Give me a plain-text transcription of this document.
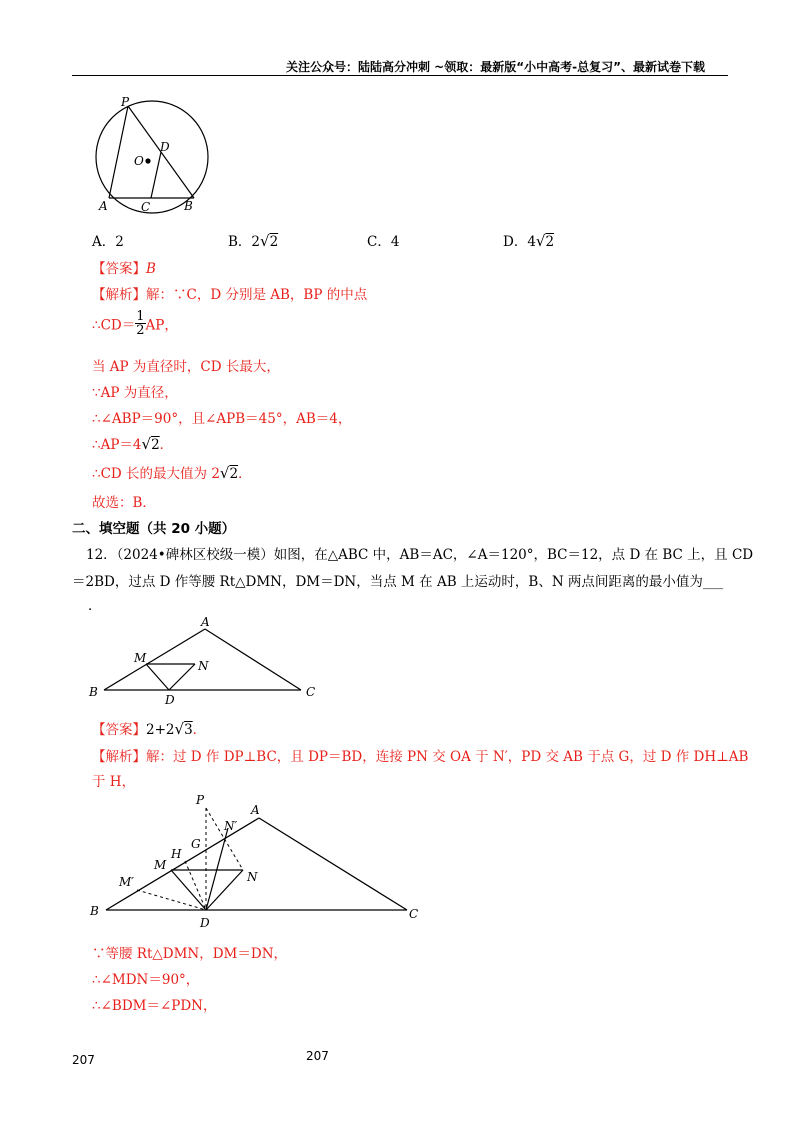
关注公众号：陆陆高分冲刺 ~领取：最新版“小中高考-总复习”、最新试卷下载
P
O
D
A	C	B
A．2	B．2√2	C．4	D．4√2
【答案】B
【解析】解：∵C，D 分别是 AB，BP 的中点
∴CD＝ $\frac{1}{2}$ AP，
当 AP 为直径时，CD 长最大，
∵AP 为直径，
∴∠ABP＝90°，且∠APB＝45°，AB＝4，
∴AP＝4√2．
∴CD 长的最大值为 2√2．
故选：B．
二、填空题（共 20 小题）
12．（2024•碑林区校级一模）如图，在△ABC 中，AB＝AC，∠A＝120°，BC＝12，点 D 在 BC 上，且 CD
＝2BD，过点 D 作等腰 Rt△DMN，DM＝DN，当点 M 在 AB 上运动时，B、N 两点间距离的最小值为___
．
A
M
N
B
D
C
【答案】2+2√3．
【解析】解：过 D 作 DP⊥BC，且 DP＝BD，连接 PN 交 OA 于 N′，PD 交 AB 于点 G，过 D 作 DH⊥AB
于 H，
P
A
N′
G
H
M
N
M′
B
D
C
∵等腰 Rt△DMN，DM＝DN，
∴∠MDN＝90°，
∴∠BDM＝∠PDN，
207	207
